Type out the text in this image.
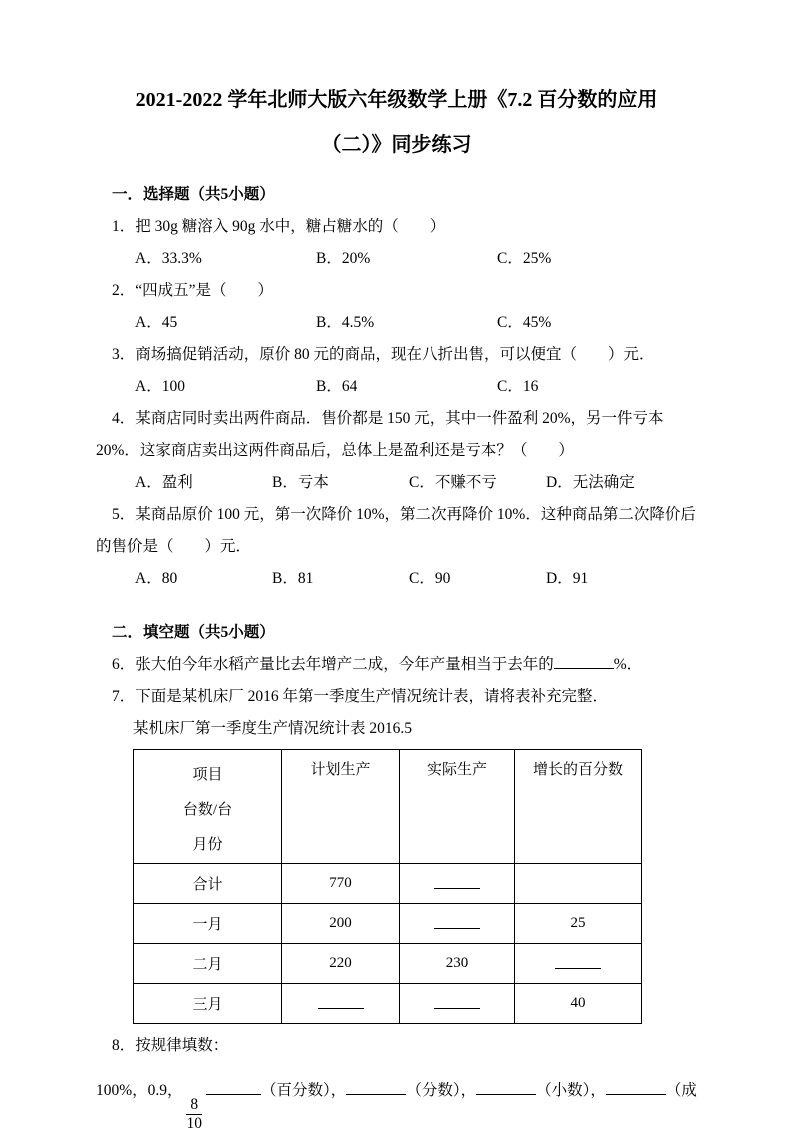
2021-2022 学年北师大版六年级数学上册《7.2 百分数的应用
（二）》同步练习
一．选择题（共5小题）
1．把 30g 糖溶入 90g 水中，糖占糖水的（　　）
A．33.3%	B．20%	C．25%
2．“四成五”是（　　）
A．45	B．4.5%	C．45%
3．商场搞促销活动，原价 80 元的商品，现在八折出售，可以便宜（　　）元．
A．100	B．64	C．16
4．某商店同时卖出两件商品．售价都是 150 元，其中一件盈利 20%，另一件亏本 20%．这家商店卖出这两件商品后，总体上是盈利还是亏本？（　　）
A．盈利	B．亏本	C．不赚不亏	D．无法确定
5．某商品原价 100 元，第一次降价 10%，第二次再降价 10%．这种商品第二次降价后的售价是（　　）元．
A．80	B．81	C．90	D．91
二．填空题（共5小题）
6．张大伯今年水稻产量比去年增产二成，今年产量相当于去年的	%．
7．下面是某机床厂 2016 年第一季度生产情况统计表，请将表补充完整．
某机床厂第一季度生产情况统计表 2016.5
项目
台数/台
月份	计划生产	实际生产	增长的百分数
合计	770		
一月	200		25
二月	220	230	
三月			40
8．按规律填数：
100%，0.9，
$\frac{8}{10}$
（百分数），	（分数），	（小数），	（成
